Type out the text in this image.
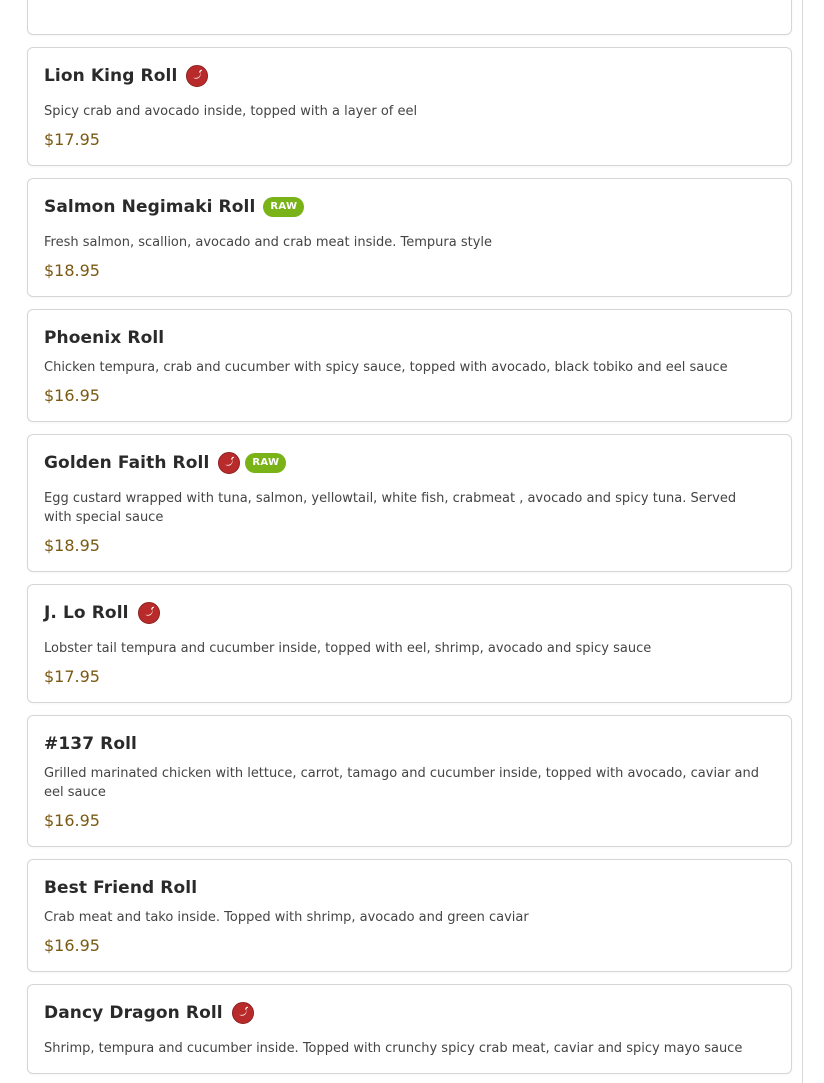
Lion King Roll
Spicy crab and avocado inside, topped with a layer of eel
$17.95
Salmon Negimaki Roll	RAW
Fresh salmon, scallion, avocado and crab meat inside. Tempura style
$18.95
Phoenix Roll
Chicken tempura, crab and cucumber with spicy sauce, topped with avocado, black tobiko and eel sauce
$16.95
Golden Faith Roll	RAW
Egg custard wrapped with tuna, salmon, yellowtail, white fish, crabmeat , avocado and spicy tuna. Served with special sauce
$18.95
J. Lo Roll
Lobster tail tempura and cucumber inside, topped with eel, shrimp, avocado and spicy sauce
$17.95
#137 Roll
Grilled marinated chicken with lettuce, carrot, tamago and cucumber inside, topped with avocado, caviar and eel sauce
$16.95
Best Friend Roll
Crab meat and tako inside. Topped with shrimp, avocado and green caviar
$16.95
Dancy Dragon Roll
Shrimp, tempura and cucumber inside. Topped with crunchy spicy crab meat, caviar and spicy mayo sauce
